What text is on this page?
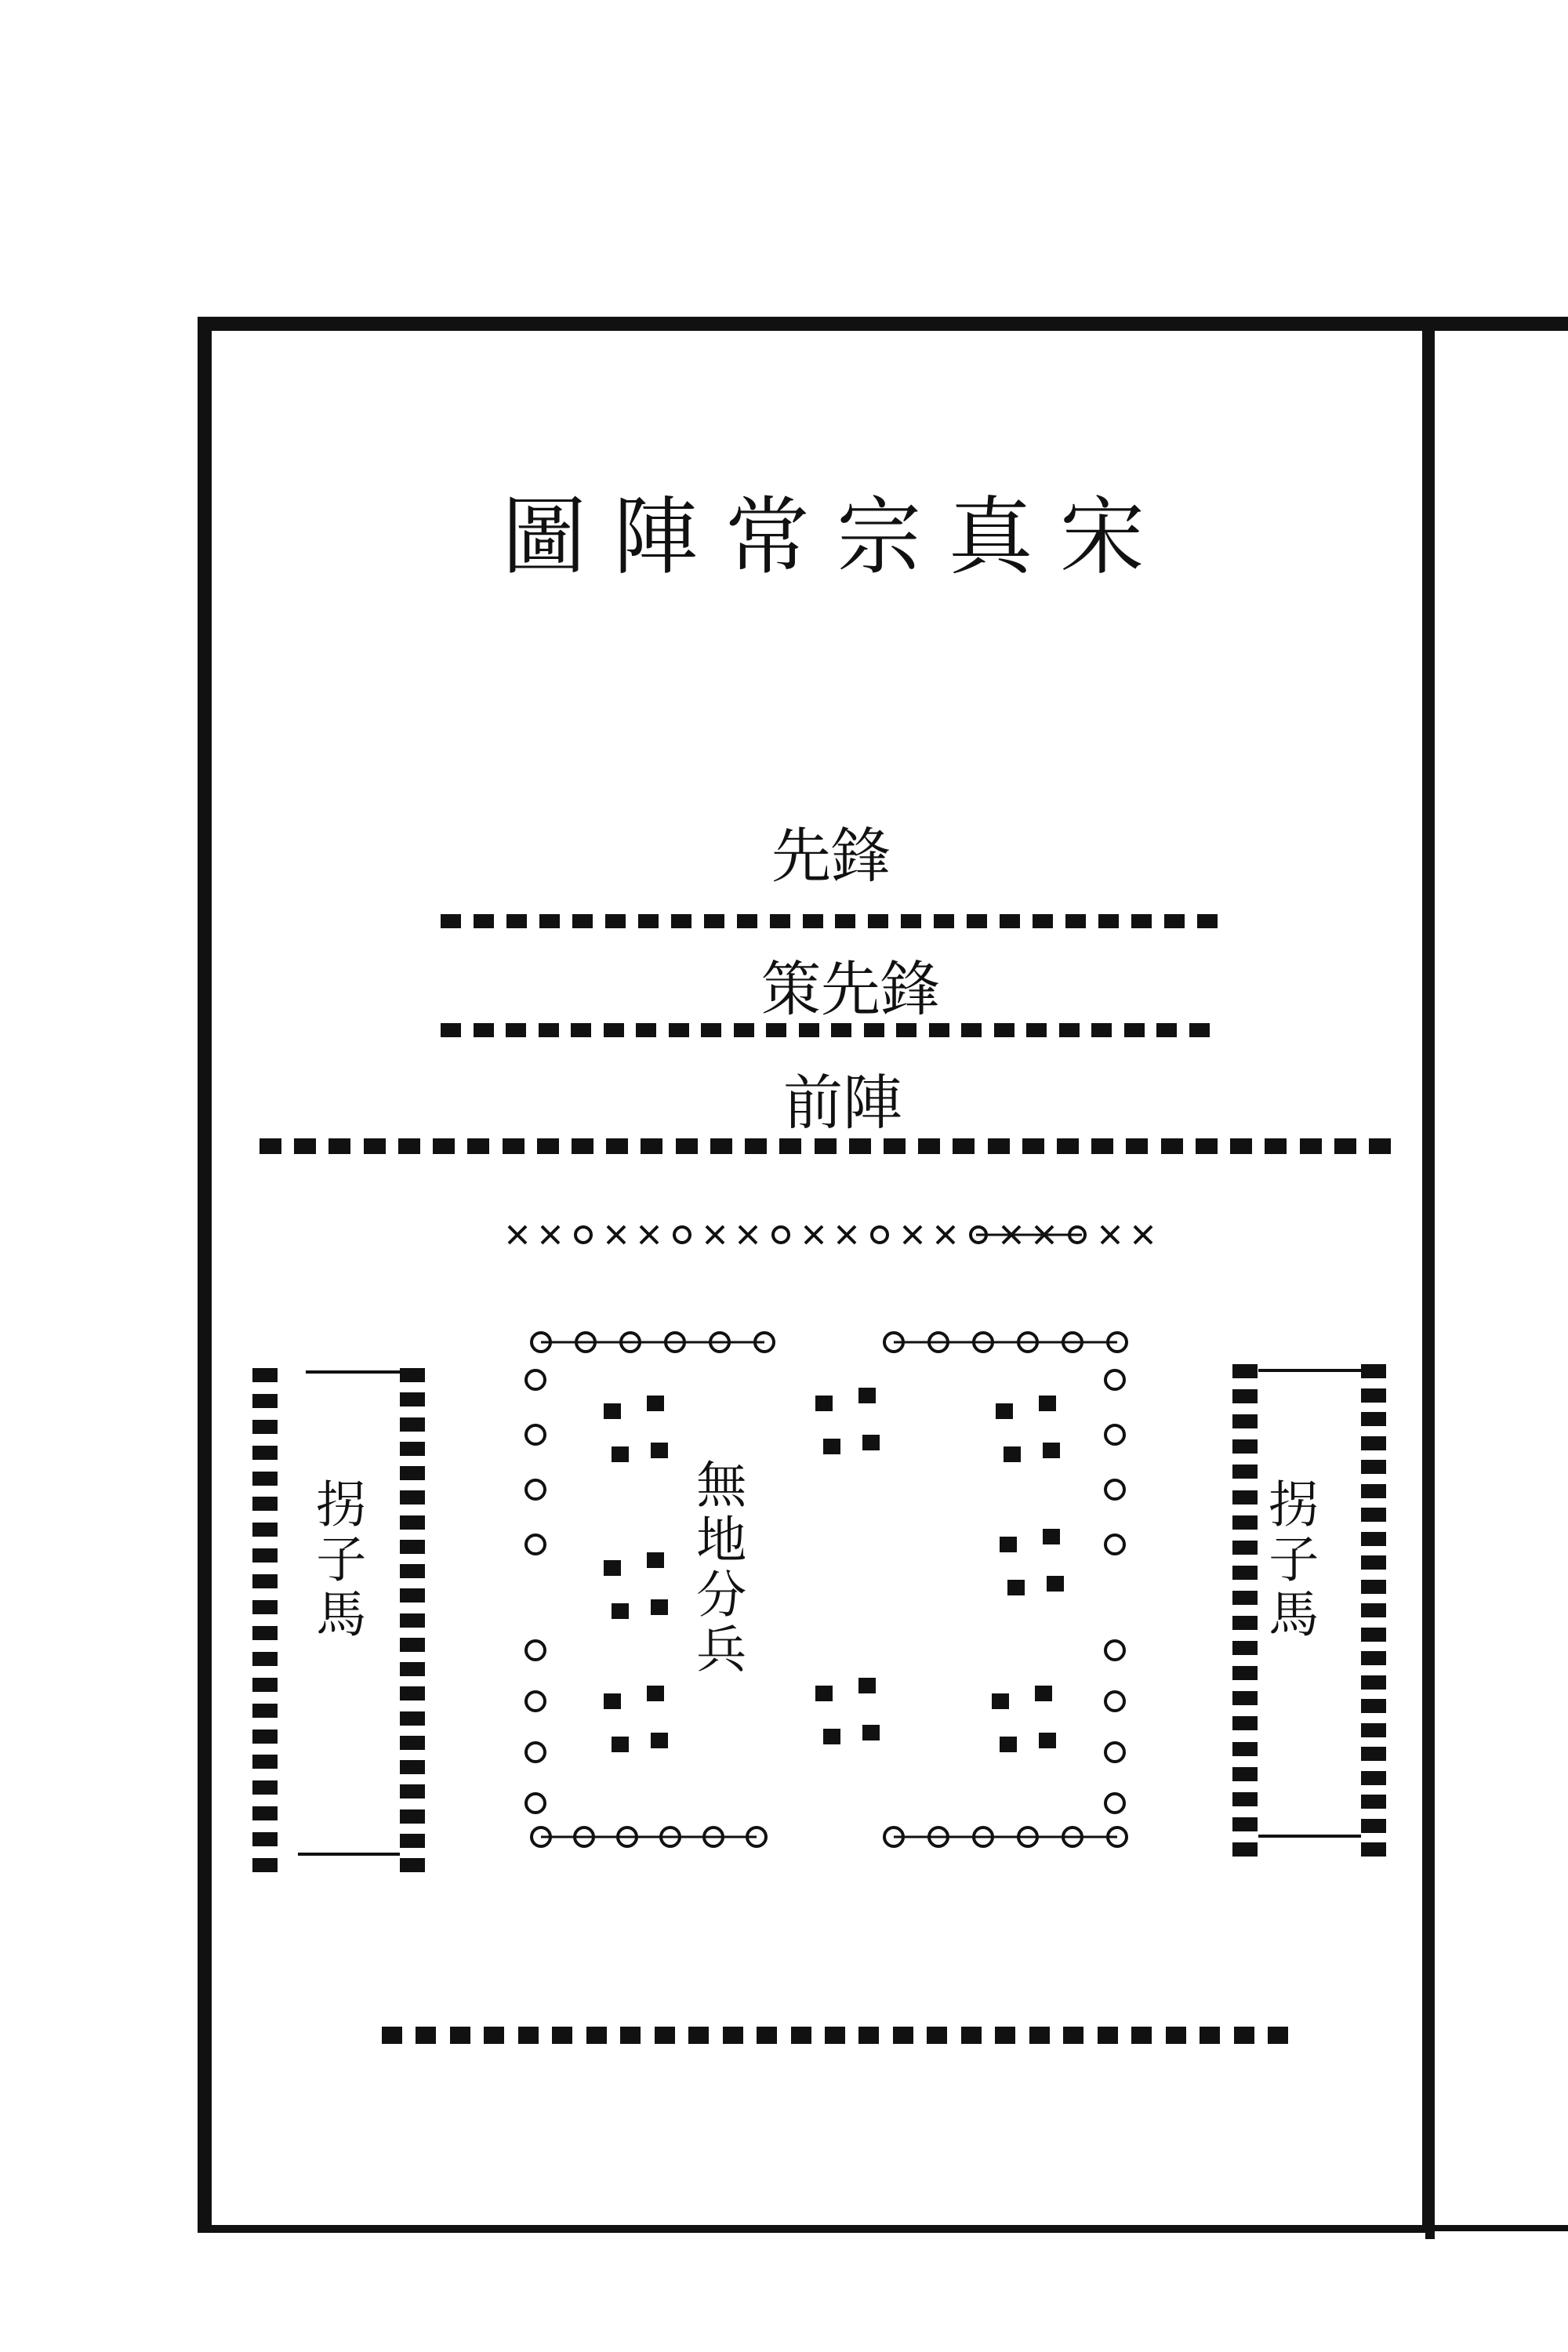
宋
真
宗
常
陣
圖
先鋒
策先鋒
前陣
無地分兵
拐子馬	拐子馬
